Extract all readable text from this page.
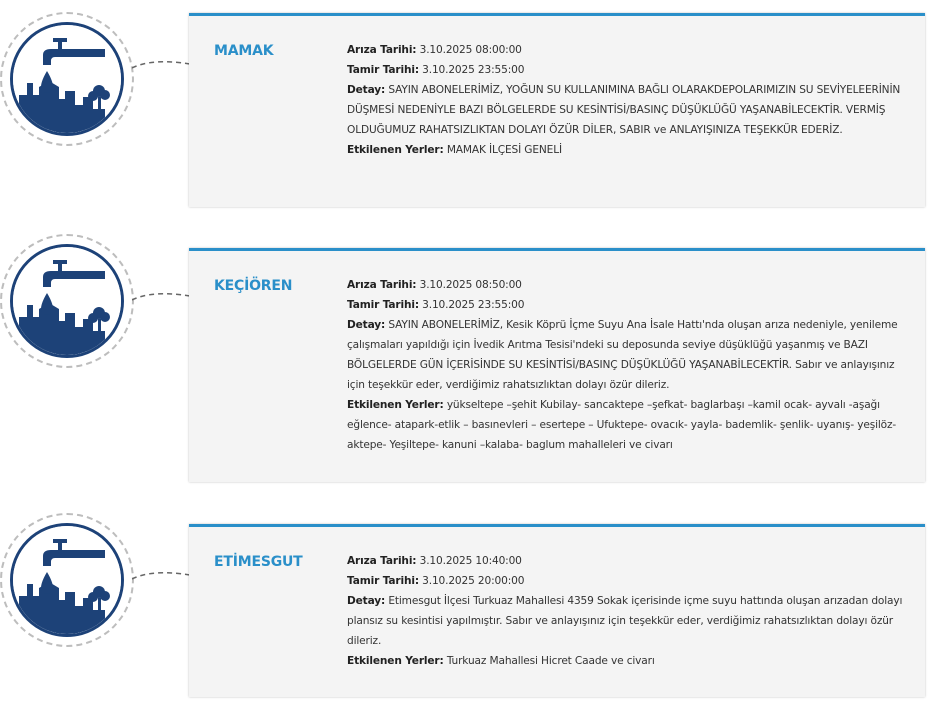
MAMAK	Arıza Tarihi: 3.10.2025 08:00:00
Tamir Tarihi: 3.10.2025 23:55:00
Detay: SAYIN ABONELERİMİZ, YOĞUN SU KULLANIMINA BAĞLI OLARAKDEPOLARIMIZIN SU SEVİYELEERİNİN DÜŞMESİ NEDENİYLE BAZI BÖLGELERDE SU KESİNTİSİ/BASINÇ DÜŞÜKLÜĞÜ YAŞANABİLECEKTİR. VERMİŞ OLDUĞUMUZ RAHATSIZLIKTAN DOLAYI ÖZÜR DİLER, SABIR ve ANLAYIŞINIZA TEŞEKKÜR EDERİZ.
Etkilenen Yerler: MAMAK İLÇESİ GENELİ
KEÇİÖREN	Arıza Tarihi: 3.10.2025 08:50:00
Tamir Tarihi: 3.10.2025 23:55:00
Detay: SAYIN ABONELERİMİZ, Kesik Köprü İçme Suyu Ana İsale Hattı'nda oluşan arıza nedeniyle, yenileme çalışmaları yapıldığı için İvedik Arıtma Tesisi'ndeki su deposunda seviye düşüklüğü yaşanmış ve BAZI BÖLGELERDE GÜN İÇERİSİNDE SU KESİNTİSİ/BASINÇ DÜŞÜKLÜĞÜ YAŞANABİLECEKTİR. Sabır ve anlayışınız için teşekkür eder, verdiğimiz rahatsızlıktan dolayı özür dileriz.
Etkilenen Yerler: yükseltepe –şehit Kubilay- sancaktepe –şefkat- baglarbaşı –kamil ocak- ayvalı -aşağı eğlence- atapark-etlik – basınevleri – esertepe – Ufuktepe- ovacık- yayla- bademlik- şenlik- uyanış- yeşilöz-aktepe- Yeşiltepe- kanuni –kalaba- baglum mahalleleri ve civarı
ETİMESGUT	Arıza Tarihi: 3.10.2025 10:40:00
Tamir Tarihi: 3.10.2025 20:00:00
Detay: Etimesgut İlçesi Turkuaz Mahallesi 4359 Sokak içerisinde içme suyu hattında oluşan arızadan dolayı plansız su kesintisi yapılmıştır. Sabır ve anlayışınız için teşekkür eder, verdiğimiz rahatsızlıktan dolayı özür dileriz.
Etkilenen Yerler: Turkuaz Mahallesi Hicret Caade ve civarı
